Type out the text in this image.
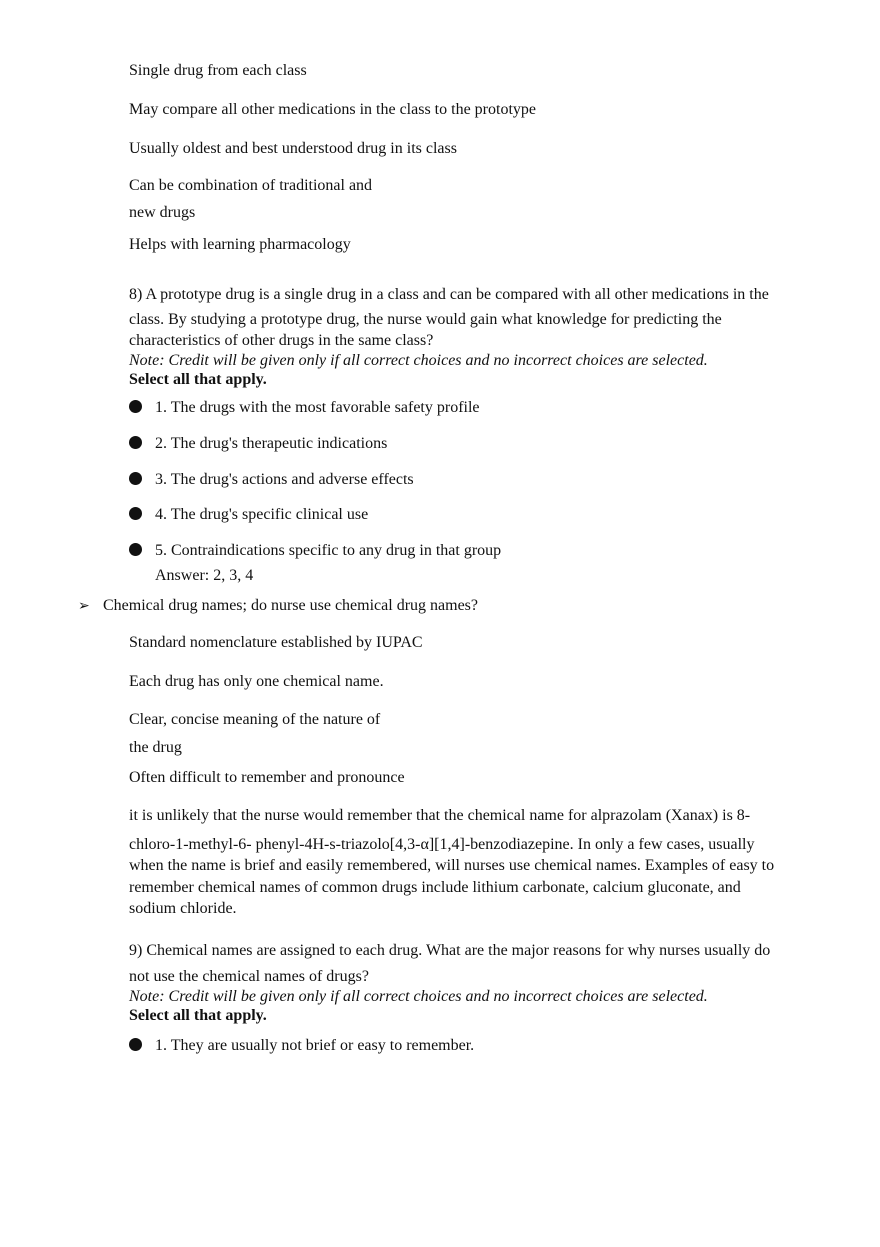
Single drug from each class
May compare all other medications in the class to the prototype
Usually oldest and best understood drug in its class
Can be combination of traditional and
new drugs
Helps with learning pharmacology
8) A prototype drug is a single drug in a class and can be compared with all other medications in the
class. By studying a prototype drug, the nurse would gain what knowledge for predicting the
characteristics of other drugs in the same class?
Note: Credit will be given only if all correct choices and no incorrect choices are selected.
Select all that apply.
1. The drugs with the most favorable safety profile
2. The drug's therapeutic indications
3. The drug's actions and adverse effects
4. The drug's specific clinical use
5. Contraindications specific to any drug in that group
Answer: 2, 3, 4
➢ Chemical drug names; do nurse use chemical drug names?
Standard nomenclature established by IUPAC
Each drug has only one chemical name.
Clear, concise meaning of the nature of
the drug
Often difficult to remember and pronounce
it is unlikely that the nurse would remember that the chemical name for alprazolam (Xanax) is 8-
chloro-1-methyl-6- phenyl-4H-s-triazolo[4,3-α][1,4]-benzodiazepine. In only a few cases, usually
when the name is brief and easily remembered, will nurses use chemical names. Examples of easy to
remember chemical names of common drugs include lithium carbonate, calcium gluconate, and
sodium chloride.
9) Chemical names are assigned to each drug. What are the major reasons for why nurses usually do
not use the chemical names of drugs?
Note: Credit will be given only if all correct choices and no incorrect choices are selected.
Select all that apply.
1. They are usually not brief or easy to remember.
